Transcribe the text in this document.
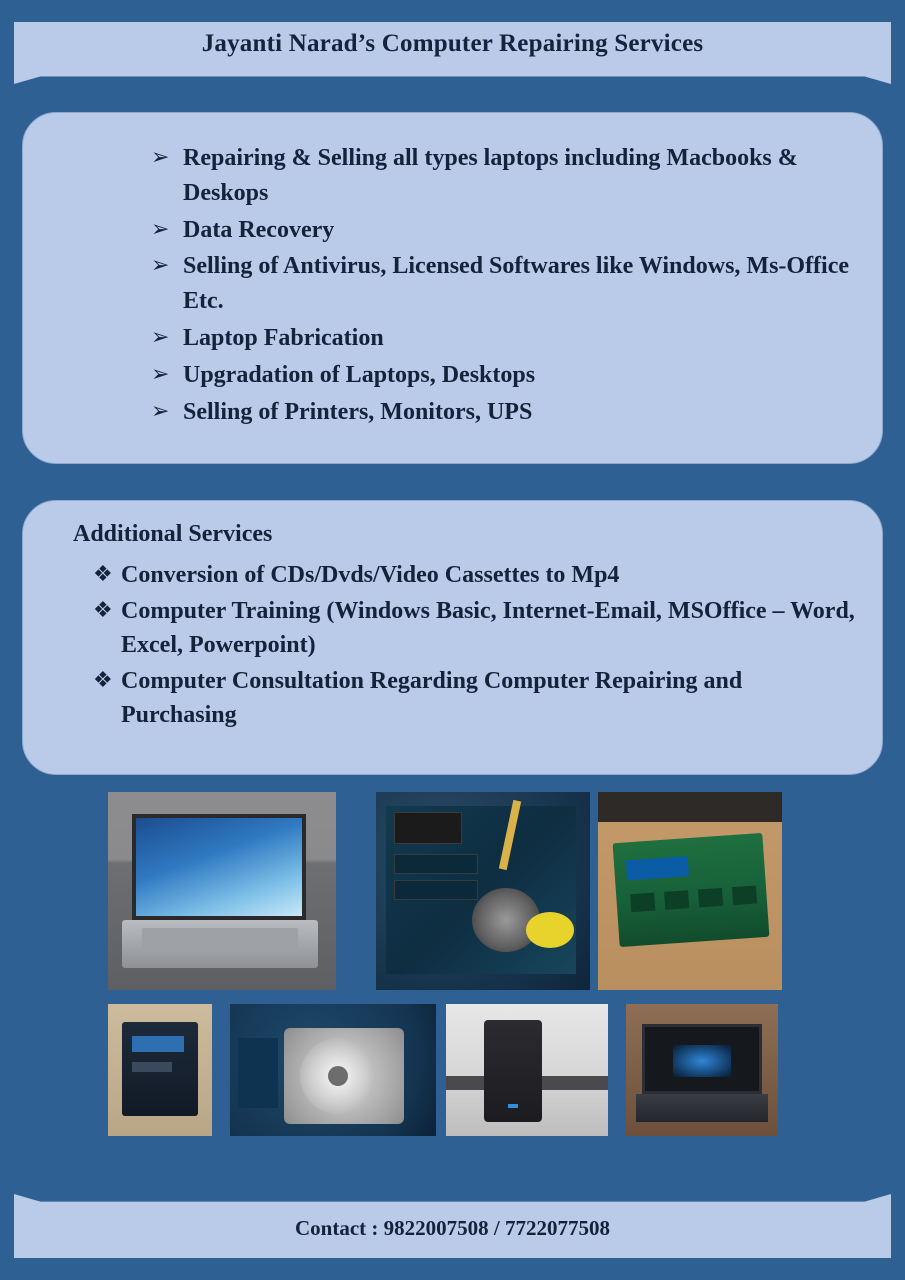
Jayanti Narad’s Computer Repairing Services
➢ Repairing & Selling all types laptops including Macbooks & Deskops
➢ Data Recovery
➢ Selling of Antivirus, Licensed Softwares like Windows, Ms-Office Etc.
➢ Laptop Fabrication
➢ Upgradation of Laptops, Desktops
➢ Selling of Printers, Monitors, UPS
Additional Services
❖ Conversion of CDs/Dvds/Video Cassettes to Mp4
❖ Computer Training (Windows Basic, Internet-Email, MSOffice – Word, Excel, Powerpoint)
❖ Computer Consultation Regarding Computer Repairing and Purchasing
Contact : 9822007508 / 7722077508
